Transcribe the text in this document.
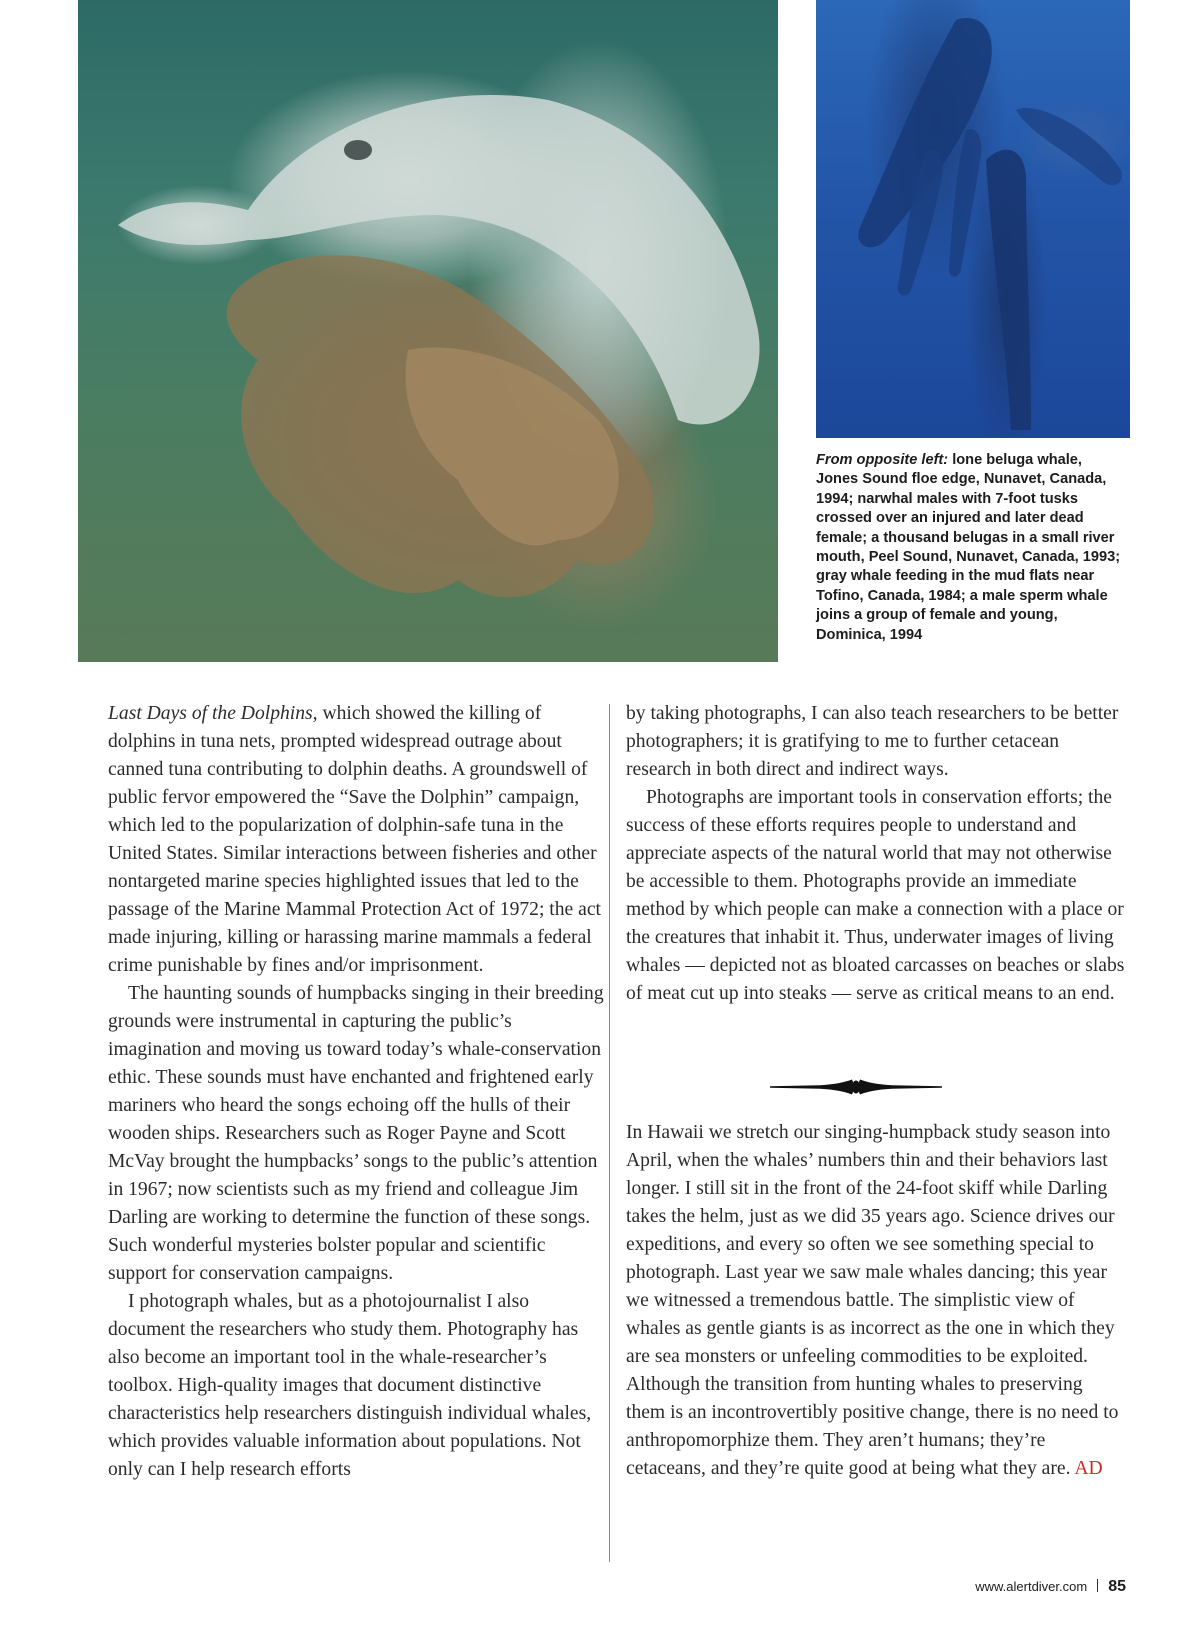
From opposite left: lone beluga whale, Jones Sound floe edge, Nunavet, Canada, 1994; narwhal males with 7-foot tusks crossed over an injured and later dead female; a thousand belugas in a small river mouth, Peel Sound, Nunavet, Canada, 1993; gray whale feeding in the mud flats near Tofino, Canada, 1984; a male sperm whale joins a group of female and young, Dominica, 1994

Last Days of the Dolphins, which showed the killing of dolphins in tuna nets, prompted widespread outrage about canned tuna contributing to dolphin deaths. A groundswell of public fervor empowered the “Save the Dolphin” campaign, which led to the popularization of dolphin-safe tuna in the United States. Similar interactions between fisheries and other nontargeted marine species highlighted issues that led to the passage of the Marine Mammal Protection Act of 1972; the act made injuring, killing or harassing marine mammals a federal crime punishable by fines and/or imprisonment.

The haunting sounds of humpbacks singing in their breeding grounds were instrumental in capturing the public’s imagination and moving us toward today’s whale-conservation ethic. These sounds must have enchanted and frightened early mariners who heard the songs echoing off the hulls of their wooden ships. Researchers such as Roger Payne and Scott McVay brought the humpbacks’ songs to the public’s attention in 1967; now scientists such as my friend and colleague Jim Darling are working to determine the function of these songs. Such wonderful mysteries bolster popular and scientific support for conservation campaigns.

I photograph whales, but as a photojournalist I also document the researchers who study them. Photography has also become an important tool in the whale-researcher’s toolbox. High-quality images that document distinctive characteristics help researchers distinguish individual whales, which provides valuable information about populations. Not only can I help research efforts

by taking photographs, I can also teach researchers to be better photographers; it is gratifying to me to further cetacean research in both direct and indirect ways.

Photographs are important tools in conservation efforts; the success of these efforts requires people to understand and appreciate aspects of the natural world that may not otherwise be accessible to them. Photographs provide an immediate method by which people can make a connection with a place or the creatures that inhabit it. Thus, underwater images of living whales — depicted not as bloated carcasses on beaches or slabs of meat cut up into steaks — serve as critical means to an end.

In Hawaii we stretch our singing-humpback study season into April, when the whales’ numbers thin and their behaviors last longer. I still sit in the front of the 24-foot skiff while Darling takes the helm, just as we did 35 years ago. Science drives our expeditions, and every so often we see something special to photograph. Last year we saw male whales dancing; this year we witnessed a tremendous battle. The simplistic view of whales as gentle giants is as incorrect as the one in which they are sea monsters or unfeeling commodities to be exploited. Although the transition from hunting whales to preserving them is an incontrovertibly positive change, there is no need to anthropomorphize them. They aren’t humans; they’re cetaceans, and they’re quite good at being what they are. AD

www.alertdiver.com 85
